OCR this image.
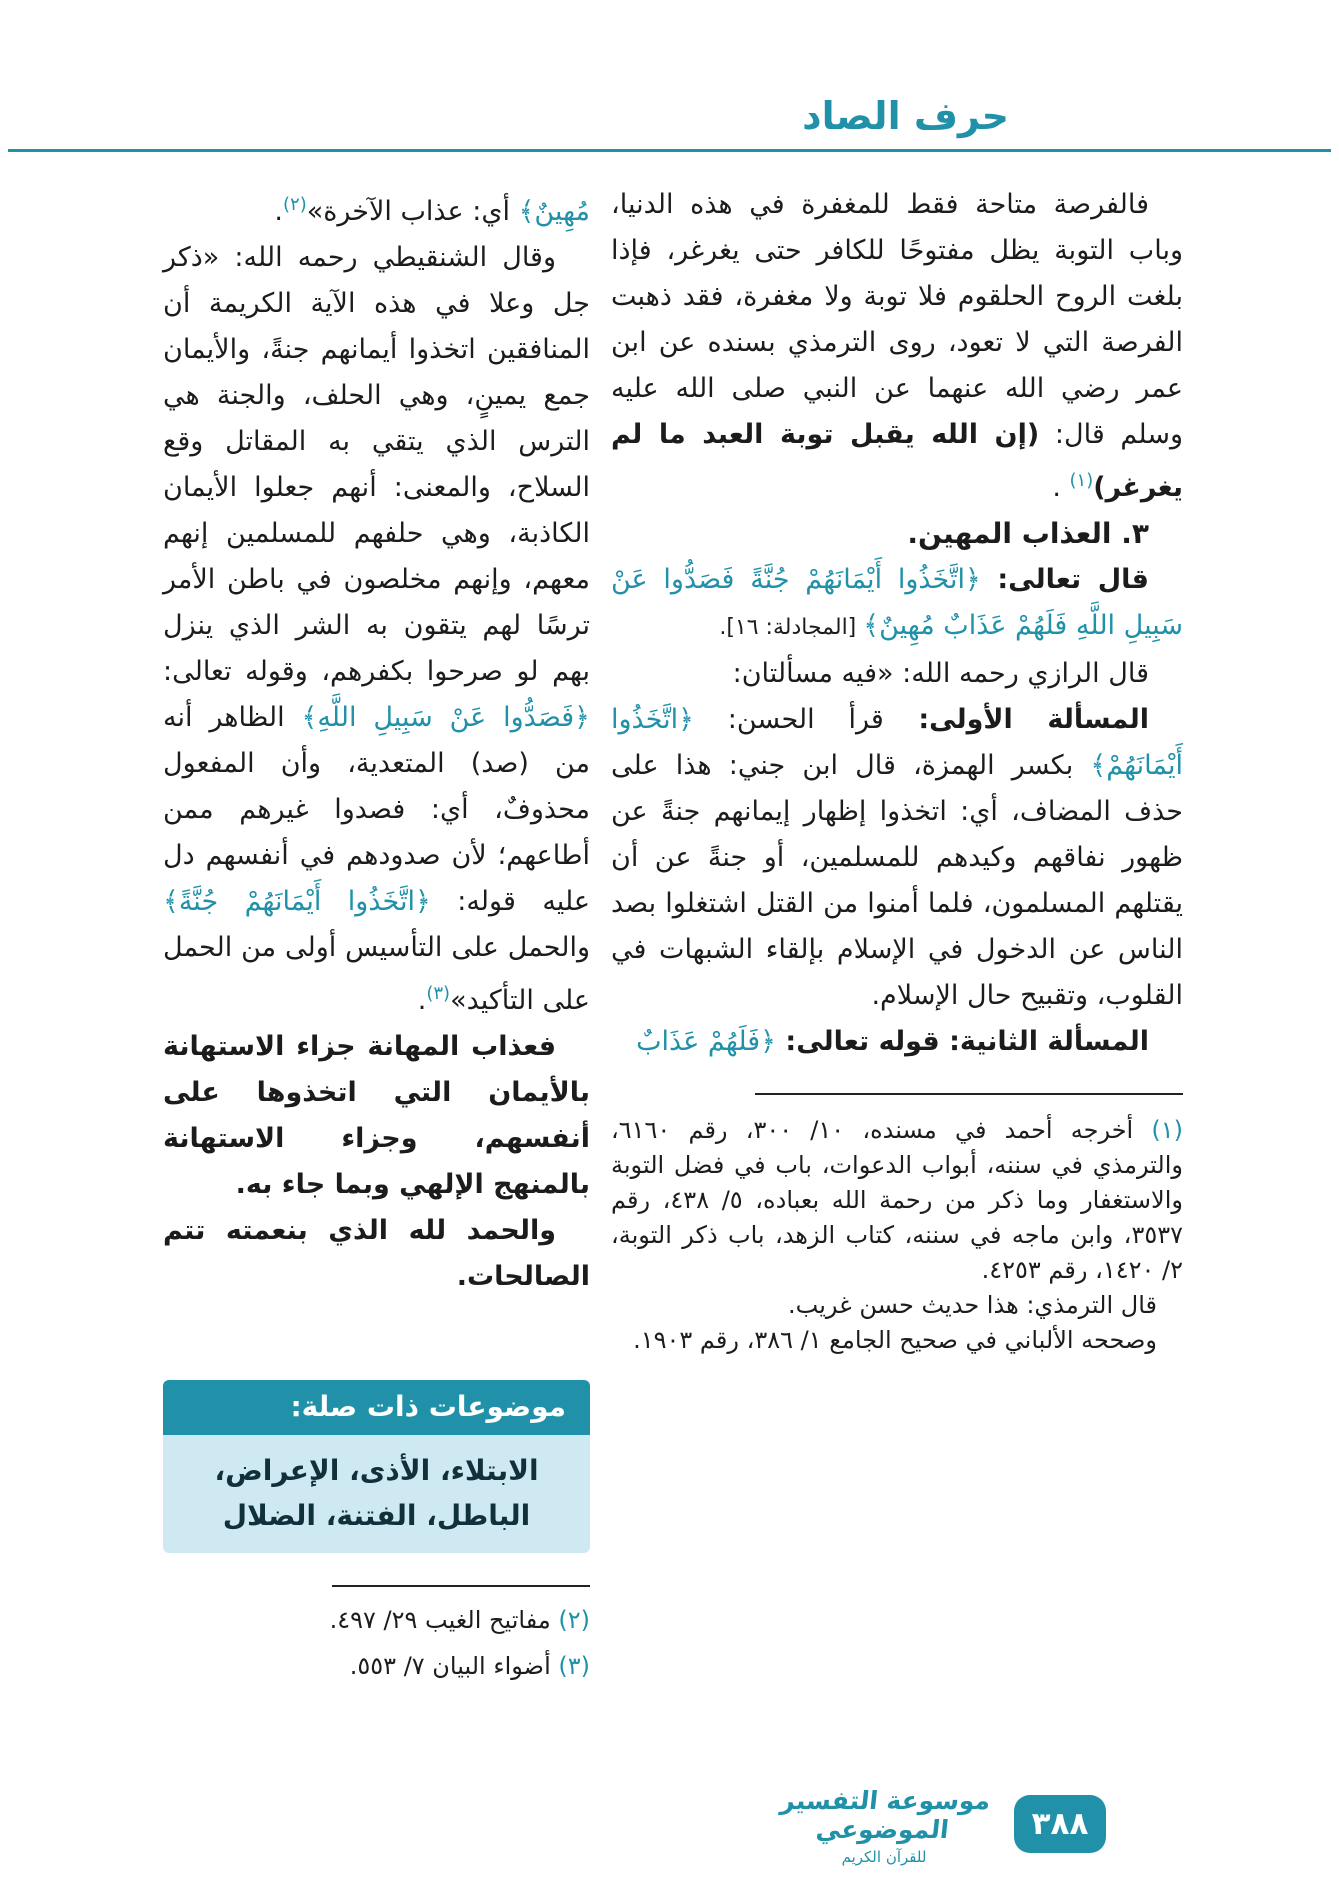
حرف الصاد

فالفرصة متاحة فقط للمغفرة في هذه الدنيا، وباب التوبة يظل مفتوحًا للكافر حتى يغرغر، فإذا بلغت الروح الحلقوم فلا توبة ولا مغفرة، فقد ذهبت الفرصة التي لا تعود، روى الترمذي بسنده عن ابن عمر رضي الله عنهما عن النبي صلى الله عليه وسلم قال: (إن الله يقبل توبة العبد ما لم يغرغر)$^{(١)}$ .

٣. العذاب المهين.

قال تعالى: ﴿اتَّخَذُوا أَيْمَانَهُمْ جُنَّةً فَصَدُّوا عَنْ سَبِيلِ اللَّهِ فَلَهُمْ عَذَابٌ مُهِينٌ﴾ [المجادلة: ١٦].

قال الرازي رحمه الله: «فيه مسألتان:

المسألة الأولى: قرأ الحسن: ﴿اتَّخَذُوا أَيْمَانَهُمْ﴾ بكسر الهمزة، قال ابن جني: هذا على حذف المضاف، أي: اتخذوا إظهار إيمانهم جنةً عن ظهور نفاقهم وكيدهم للمسلمين، أو جنةً عن أن يقتلهم المسلمون، فلما أمنوا من القتل اشتغلوا بصد الناس عن الدخول في الإسلام بإلقاء الشبهات في القلوب، وتقبيح حال الإسلام.

المسألة الثانية: قوله تعالى: ﴿فَلَهُمْ عَذَابٌ

(١) أخرجه أحمد في مسنده، ١٠/ ٣٠٠، رقم ٦١٦٠، والترمذي في سننه، أبواب الدعوات، باب في فضل التوبة والاستغفار وما ذكر من رحمة الله بعباده، ٥/ ٤٣٨، رقم ٣٥٣٧، وابن ماجه في سننه، كتاب الزهد، باب ذكر التوبة، ٢/ ١٤٢٠، رقم ٤٢٥٣.

قال الترمذي: هذا حديث حسن غريب.

وصححه الألباني في صحيح الجامع ١/ ٣٨٦، رقم ١٩٠٣.

مُهِينٌ﴾ أي: عذاب الآخرة»$^{(٢)}$.

وقال الشنقيطي رحمه الله: «ذكر جل وعلا في هذه الآية الكريمة أن المنافقين اتخذوا أيمانهم جنةً، والأيمان جمع يمينٍ، وهي الحلف، والجنة هي الترس الذي يتقي به المقاتل وقع السلاح، والمعنى: أنهم جعلوا الأيمان الكاذبة، وهي حلفهم للمسلمين إنهم معهم، وإنهم مخلصون في باطن الأمر ترسًا لهم يتقون به الشر الذي ينزل بهم لو صرحوا بكفرهم، وقوله تعالى: ﴿فَصَدُّوا عَنْ سَبِيلِ اللَّهِ﴾ الظاهر أنه من (صد) المتعدية، وأن المفعول محذوفٌ، أي: فصدوا غيرهم ممن أطاعهم؛ لأن صدودهم في أنفسهم دل عليه قوله: ﴿اتَّخَذُوا أَيْمَانَهُمْ جُنَّةً﴾ والحمل على التأسيس أولى من الحمل على التأكيد»$^{(٣)}$.

فعذاب المهانة جزاء الاستهانة بالأيمان التي اتخذوها على أنفسهم، وجزاء الاستهانة بالمنهج الإلهي وبما جاء به.

والحمد لله الذي بنعمته تتم الصالحات.

موضوعات ذات صلة:
الابتلاء، الأذى، الإعراض، الباطل، الفتنة، الضلال

(٢) مفاتيح الغيب ٢٩/ ٤٩٧.

(٣) أضواء البيان ٧/ ٥٥٣.

موسوعة التفسير الموضوعي
للقرآن الكريم
٣٨٨
